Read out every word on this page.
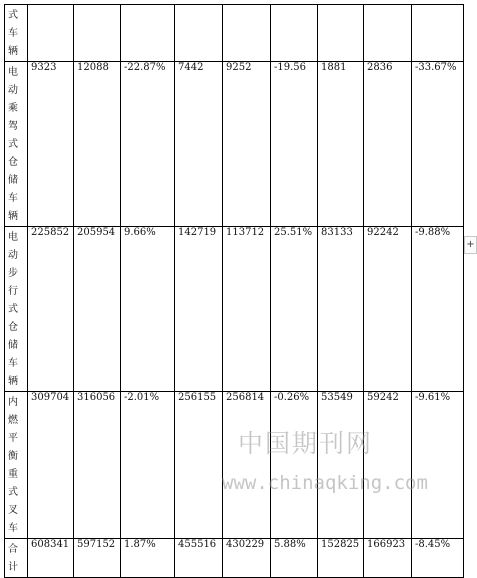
式车辆									

电动乘驾式仓储车辆	9323	12088	-22.87%	7442	9252	-19.56	1881	2836	-33.67%

电动步行式仓储车辆	225852	205954	9.66%	142719	113712	25.51%	83133	92242	-9.88%

内燃平衡重式叉车	309704	316056	-2.01%	256155	256814	-0.26%	53549	59242	-9.61%

合计	608341	597152	1.87%	455516	430229	5.88%	152825	166923	-8.45%
+
中国期刊网
www.chinaqking.com
